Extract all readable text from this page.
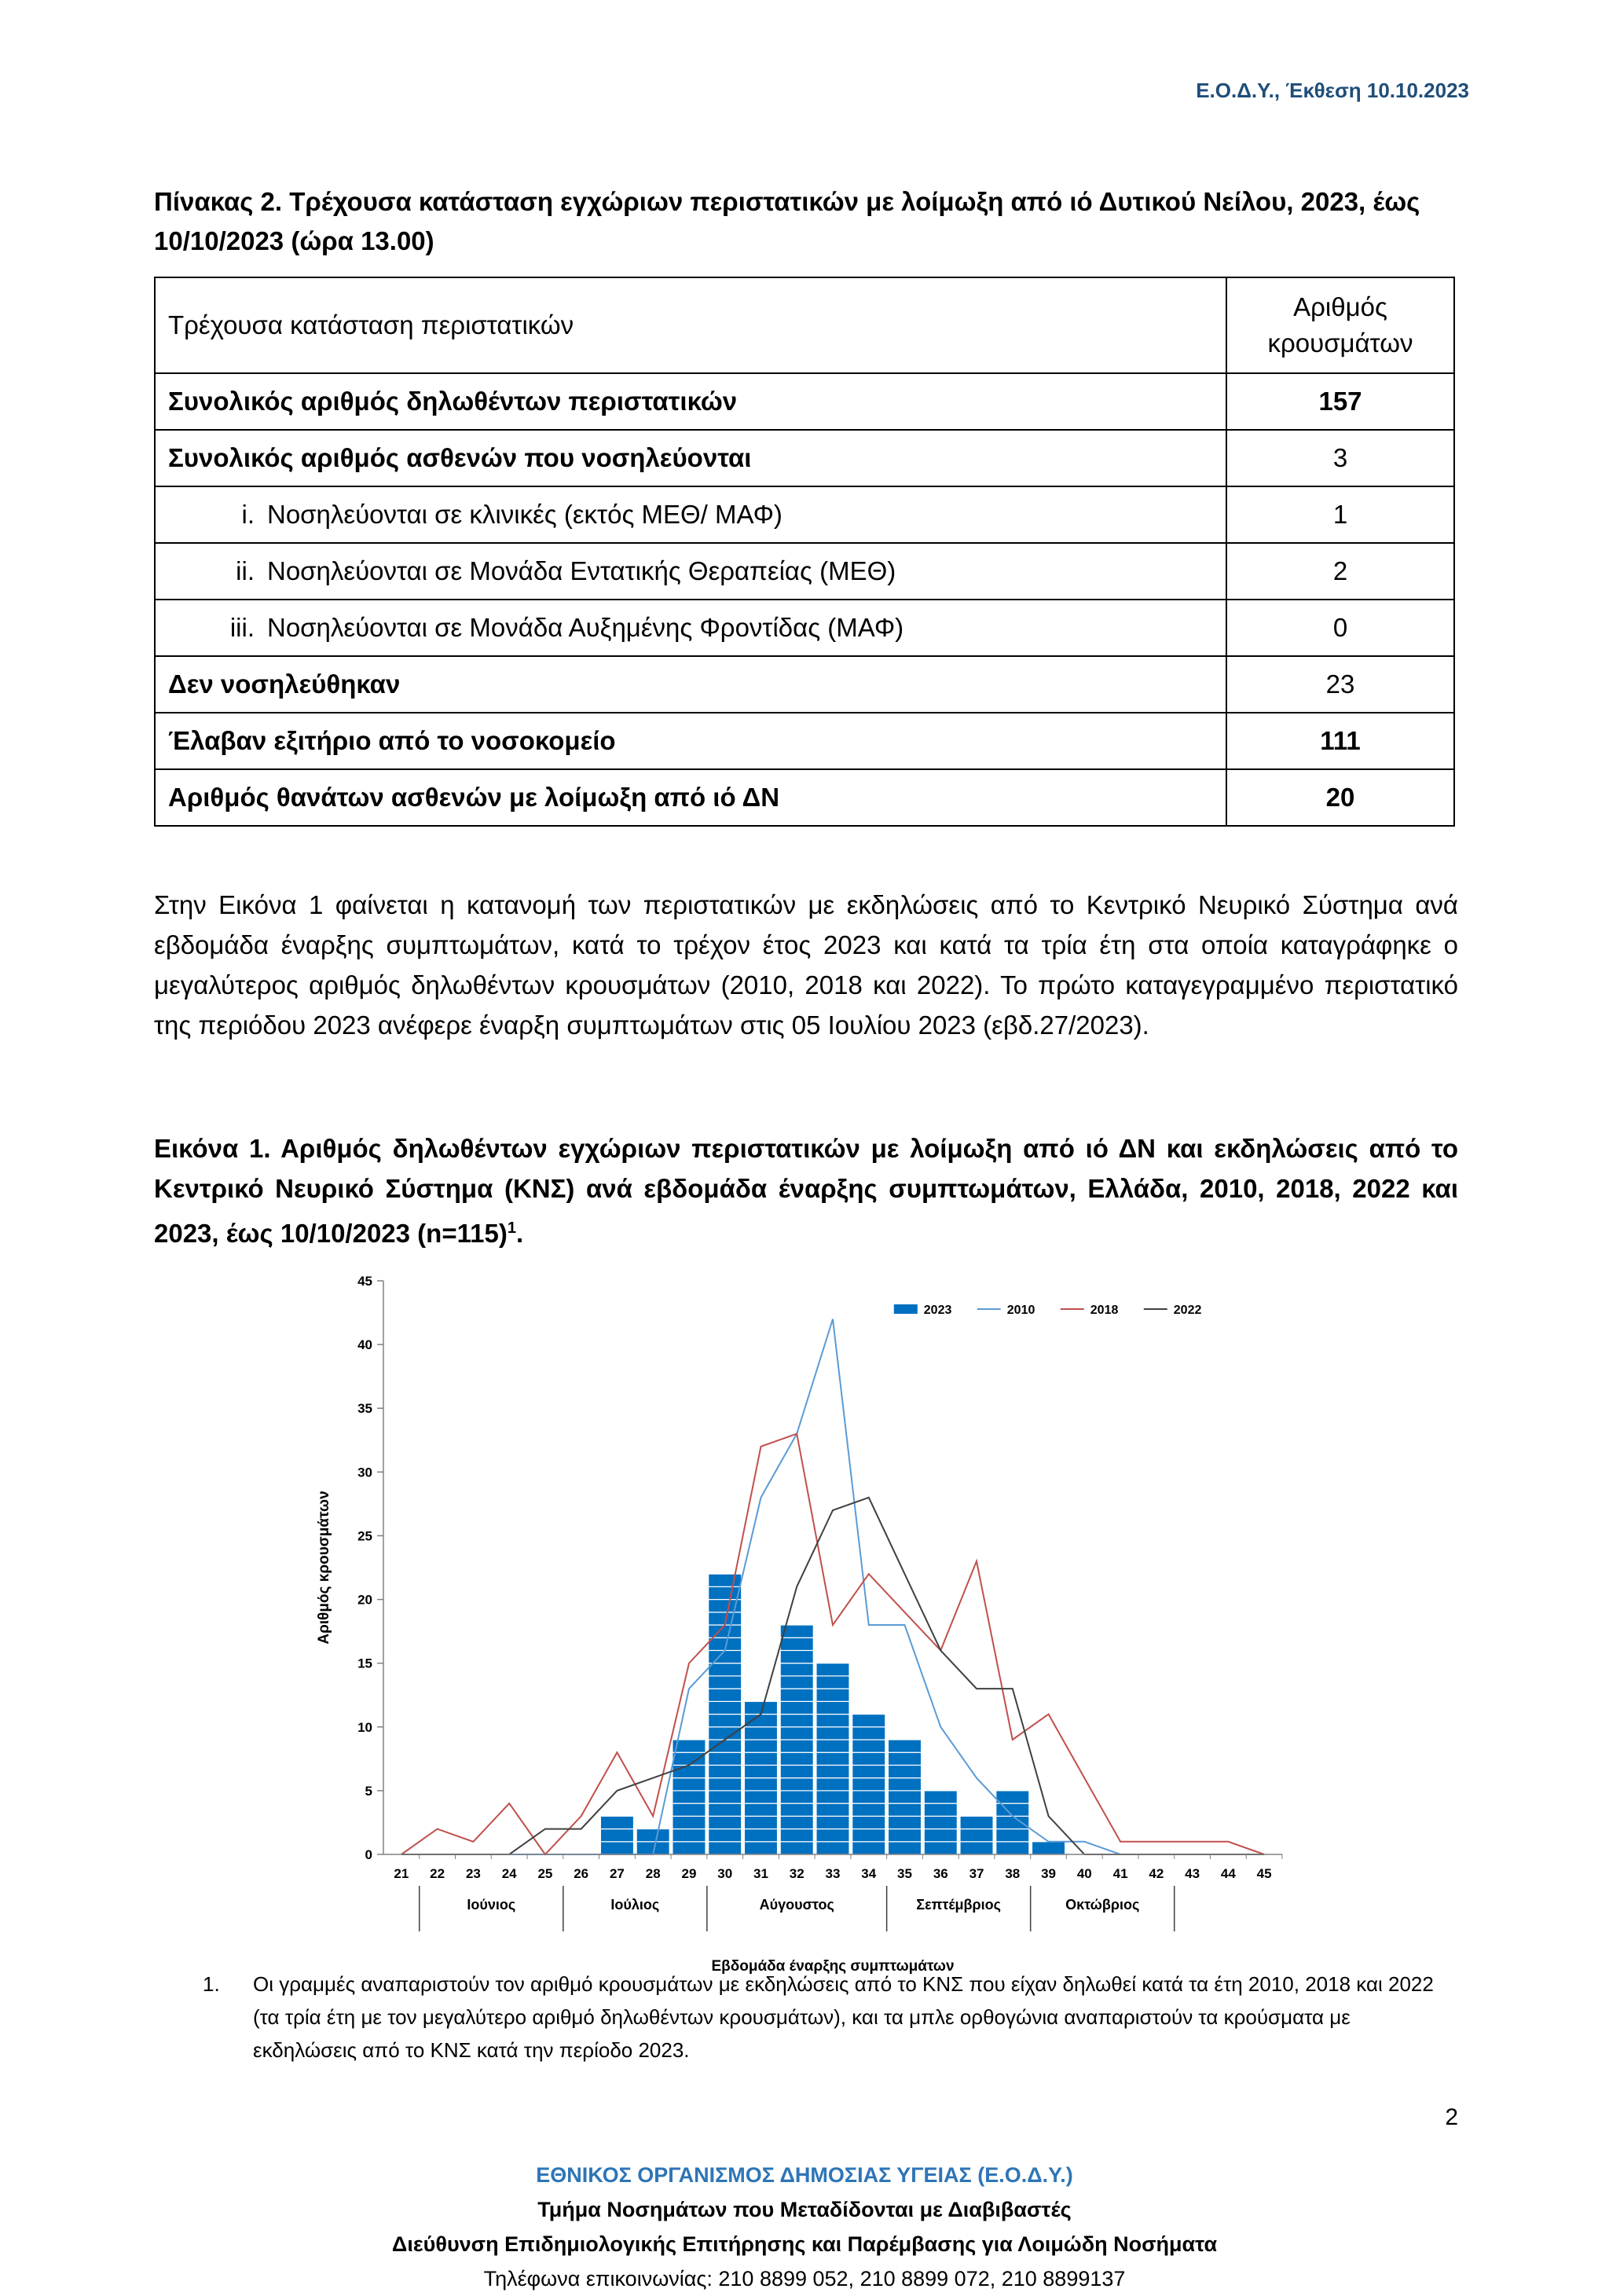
Ε.Ο.Δ.Υ., Έκθεση 10.10.2023
Πίνακας 2. Τρέχουσα κατάσταση εγχώριων περιστατικών με λοίμωξη από ιό Δυτικού Νείλου, 2023, έως 10/10/2023 (ώρα 13.00)
Τρέχουσα κατάσταση περιστατικών	Αριθμός
κρουσμάτων
Συνολικός αριθμός δηλωθέντων περιστατικών	157
Συνολικός αριθμός ασθενών που νοσηλεύονται	3
i. Νοσηλεύονται σε κλινικές (εκτός ΜΕΘ/ ΜΑΦ)	1
ii. Νοσηλεύονται σε Μονάδα Εντατικής Θεραπείας (ΜΕΘ)	2
iii. Νοσηλεύονται σε Μονάδα Αυξημένης Φροντίδας (ΜΑΦ)	0
Δεν νοσηλεύθηκαν	23
Έλαβαν εξιτήριο από το νοσοκομείο	111
Αριθμός θανάτων ασθενών με λοίμωξη από ιό ΔΝ	20

Στην Εικόνα 1 φαίνεται η κατανομή των περιστατικών με εκδηλώσεις από το Κεντρικό Νευρικό Σύστημα ανά εβδομάδα έναρξης συμπτωμάτων, κατά το τρέχον έτος 2023 και κατά τα τρία έτη στα οποία καταγράφηκε ο μεγαλύτερος αριθμός δηλωθέντων κρουσμάτων (2010, 2018 και 2022). Το πρώτο καταγεγραμμένο περιστατικό της περιόδου 2023 ανέφερε έναρξη συμπτωμάτων στις 05 Ιουλίου 2023 (εβδ.27/2023).

Εικόνα 1. Αριθμός δηλωθέντων εγχώριων περιστατικών με λοίμωξη από ιό ΔΝ και εκδηλώσεις από το Κεντρικό Νευρικό Σύστημα (ΚΝΣ) ανά εβδομάδα έναρξης συμπτωμάτων, Ελλάδα, 2010, 2018, 2022 και 2023, έως 10/10/2023 (n=115)$^1$.

0
5
10
15
20
25
30
35
40
45
Αριθμός κρουσμάτων
21 22 23 24 25 26 27 28 29 30 31 32 33 34 35 36 37 38 39 40 41 42 43 44 45
Ιούνιος	Ιούλιος	Αύγουστος	Σεπτέμβριος	Οκτώβριος
Εβδομάδα έναρξης συμπτωμάτων
2023	2010	2018	2022
1. Οι γραμμές αναπαριστούν τον αριθμό κρουσμάτων με εκδηλώσεις από το ΚΝΣ που είχαν δηλωθεί κατά τα έτη 2010, 2018 και 2022 (τα τρία έτη με τον μεγαλύτερο αριθμό δηλωθέντων κρουσμάτων), και τα μπλε ορθογώνια αναπαριστούν τα κρούσματα με εκδηλώσεις από το ΚΝΣ κατά την περίοδο 2023.
2
ΕΘΝΙΚΟΣ ΟΡΓΑΝΙΣΜΟΣ ΔΗΜΟΣΙΑΣ ΥΓΕΙΑΣ (Ε.Ο.Δ.Υ.)
Τμήμα Νοσημάτων που Μεταδίδονται με Διαβιβαστές
Διεύθυνση Επιδημιολογικής Επιτήρησης και Παρέμβασης για Λοιμώδη Νοσήματα
Τηλέφωνα επικοινωνίας: 210 8899 052, 210 8899 072, 210 8899137
